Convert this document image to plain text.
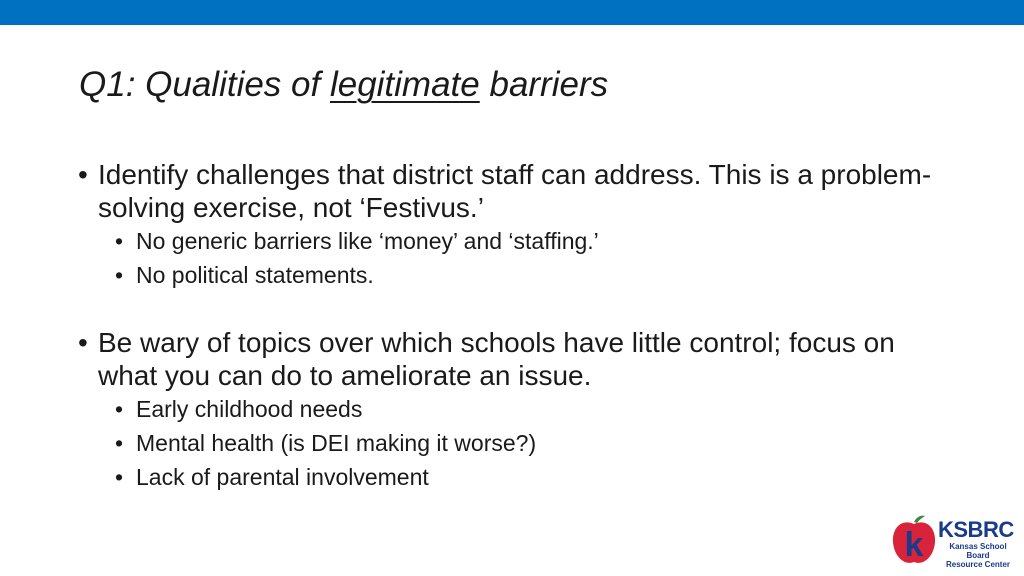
Q1: Qualities of legitimate barriers
• Identify challenges that district staff can address. This is a problem-solving exercise, not ‘Festivus.’
• No generic barriers like ‘money’ and ‘staffing.’
• No political statements.
• Be wary of topics over which schools have little control; focus on what you can do to ameliorate an issue.
• Early childhood needs
• Mental health (is DEI making it worse?)
• Lack of parental involvement
k KSBRC
Kansas School Board
Resource Center
